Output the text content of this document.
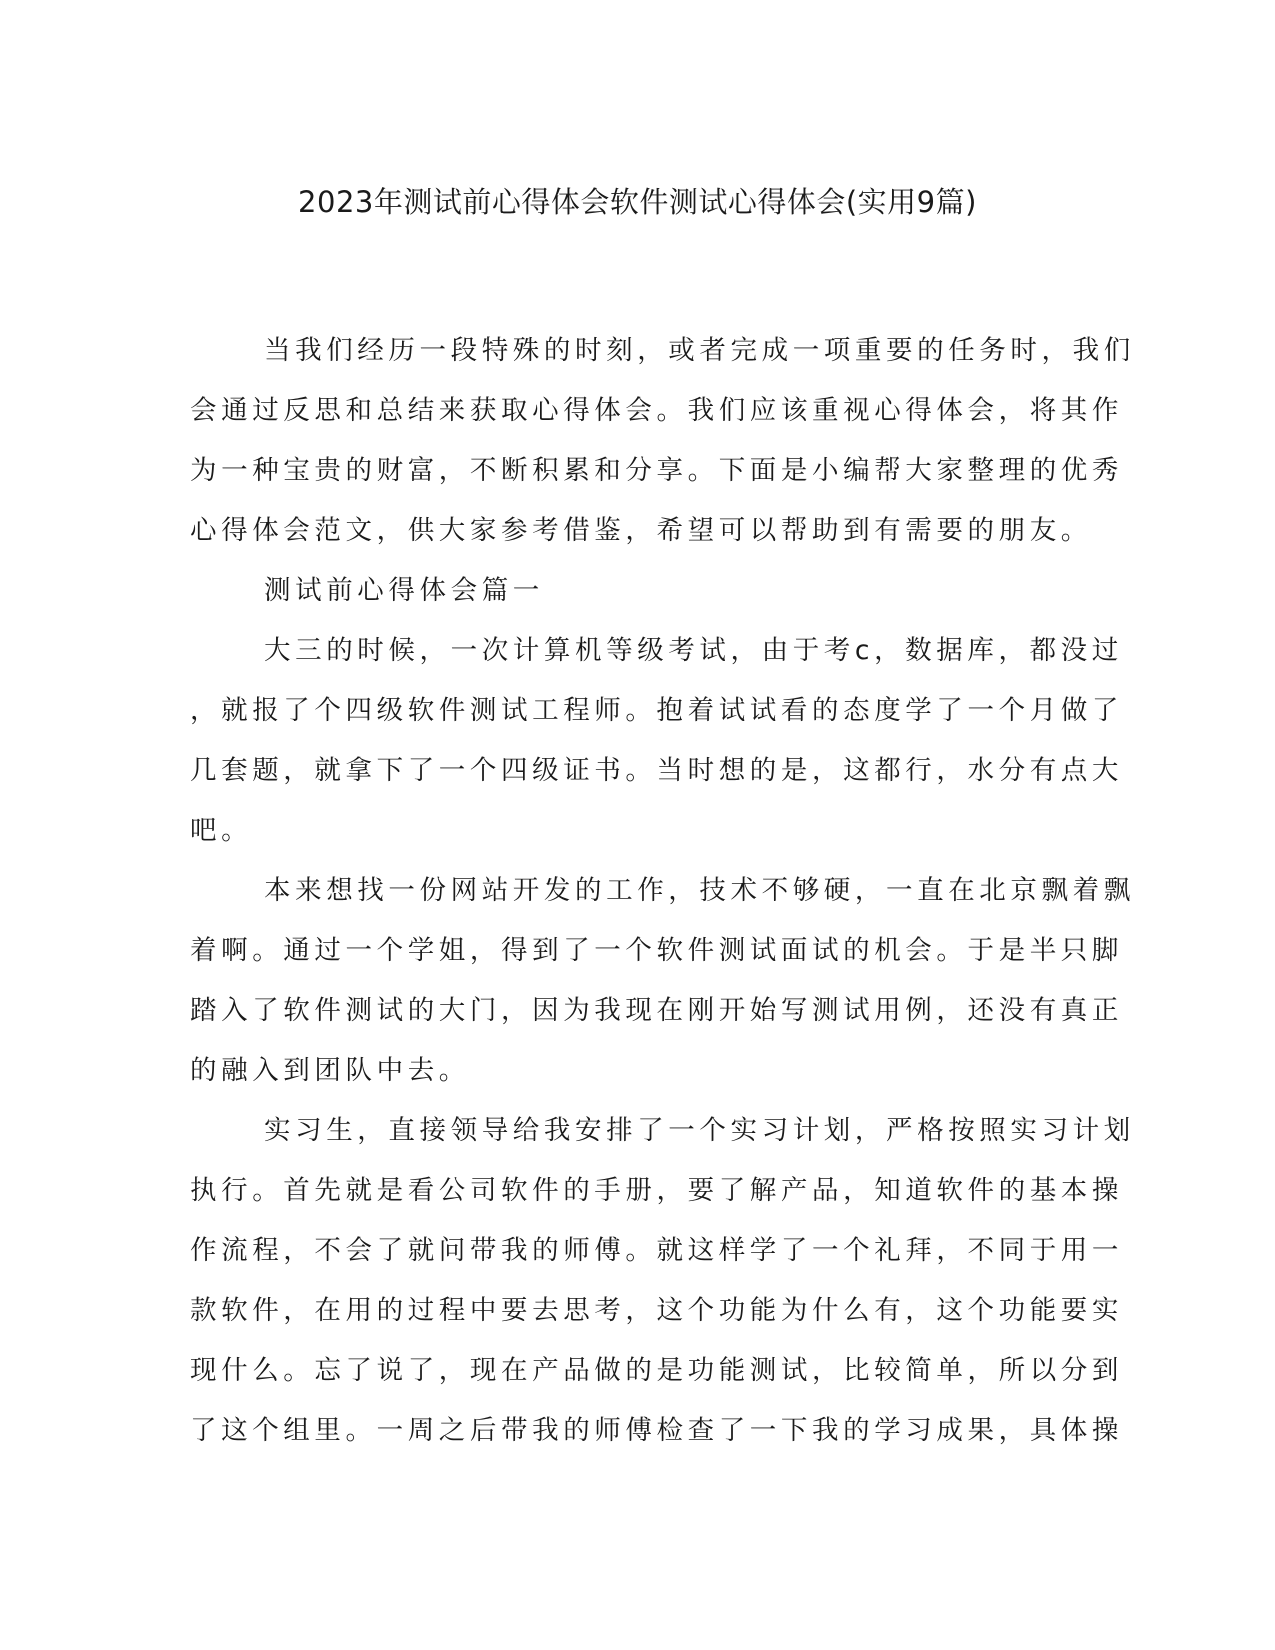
2023年测试前心得体会软件测试心得体会(实用9篇)
当我们经历一段特殊的时刻，或者完成一项重要的任务时，我们
会通过反思和总结来获取心得体会。我们应该重视心得体会，将其作
为一种宝贵的财富，不断积累和分享。下面是小编帮大家整理的优秀
心得体会范文，供大家参考借鉴，希望可以帮助到有需要的朋友。
测试前心得体会篇一
大三的时候，一次计算机等级考试，由于考c，数据库，都没过
，就报了个四级软件测试工程师。抱着试试看的态度学了一个月做了
几套题，就拿下了一个四级证书。当时想的是，这都行，水分有点大
吧。
本来想找一份网站开发的工作，技术不够硬，一直在北京飘着飘
着啊。通过一个学姐，得到了一个软件测试面试的机会。于是半只脚
踏入了软件测试的大门，因为我现在刚开始写测试用例，还没有真正
的融入到团队中去。
实习生，直接领导给我安排了一个实习计划，严格按照实习计划
执行。首先就是看公司软件的手册，要了解产品，知道软件的基本操
作流程，不会了就问带我的师傅。就这样学了一个礼拜，不同于用一
款软件，在用的过程中要去思考，这个功能为什么有，这个功能要实
现什么。忘了说了，现在产品做的是功能测试，比较简单，所以分到
了这个组里。一周之后带我的师傅检查了一下我的学习成果，具体操
